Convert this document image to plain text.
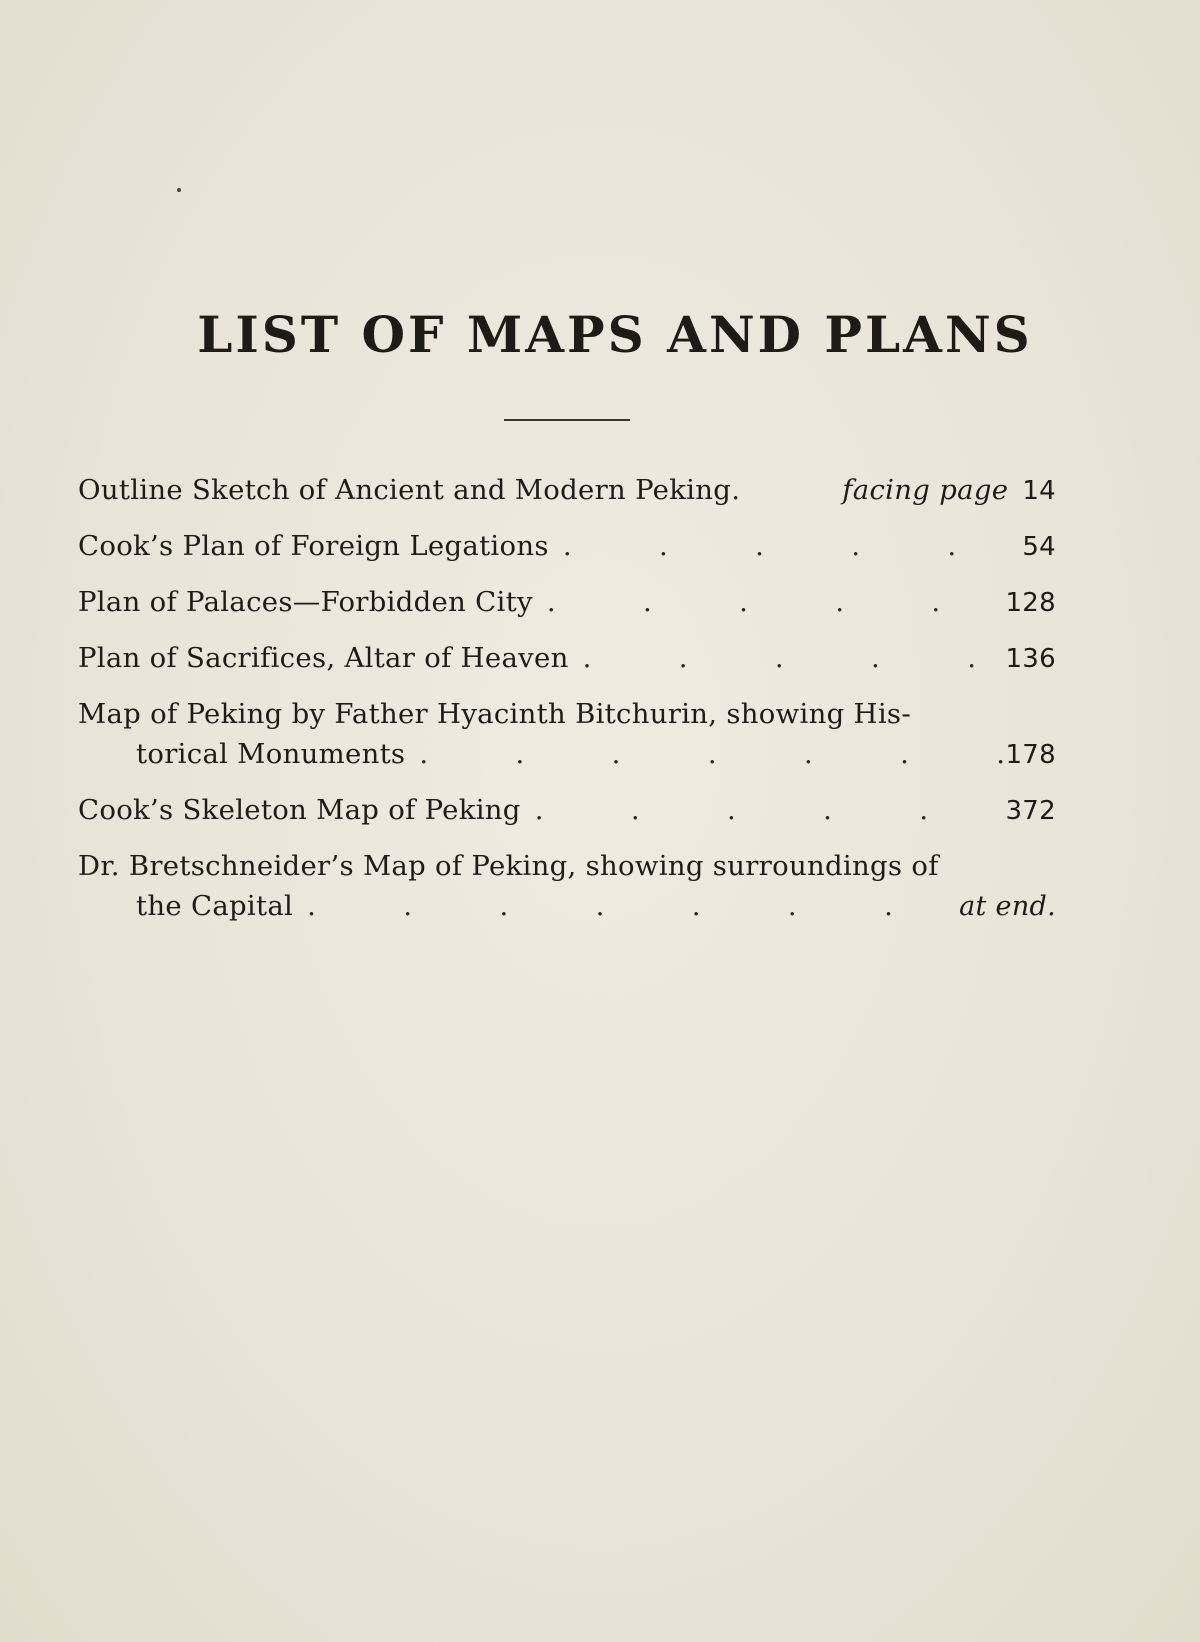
LIST OF MAPS AND PLANS
Outline Sketch of Ancient and Modern Peking.	facing page 14
Cook’s Plan of Foreign Legations .	54
Plan of Palaces—Forbidden City .	128
Plan of Sacrifices, Altar of Heaven .	136
Map of Peking by Father Hyacinth Bitchurin, showing His-
torical Monuments .	178
Cook’s Skeleton Map of Peking .	372
Dr. Bretschneider’s Map of Peking, showing surroundings of
the Capital .	at end.
